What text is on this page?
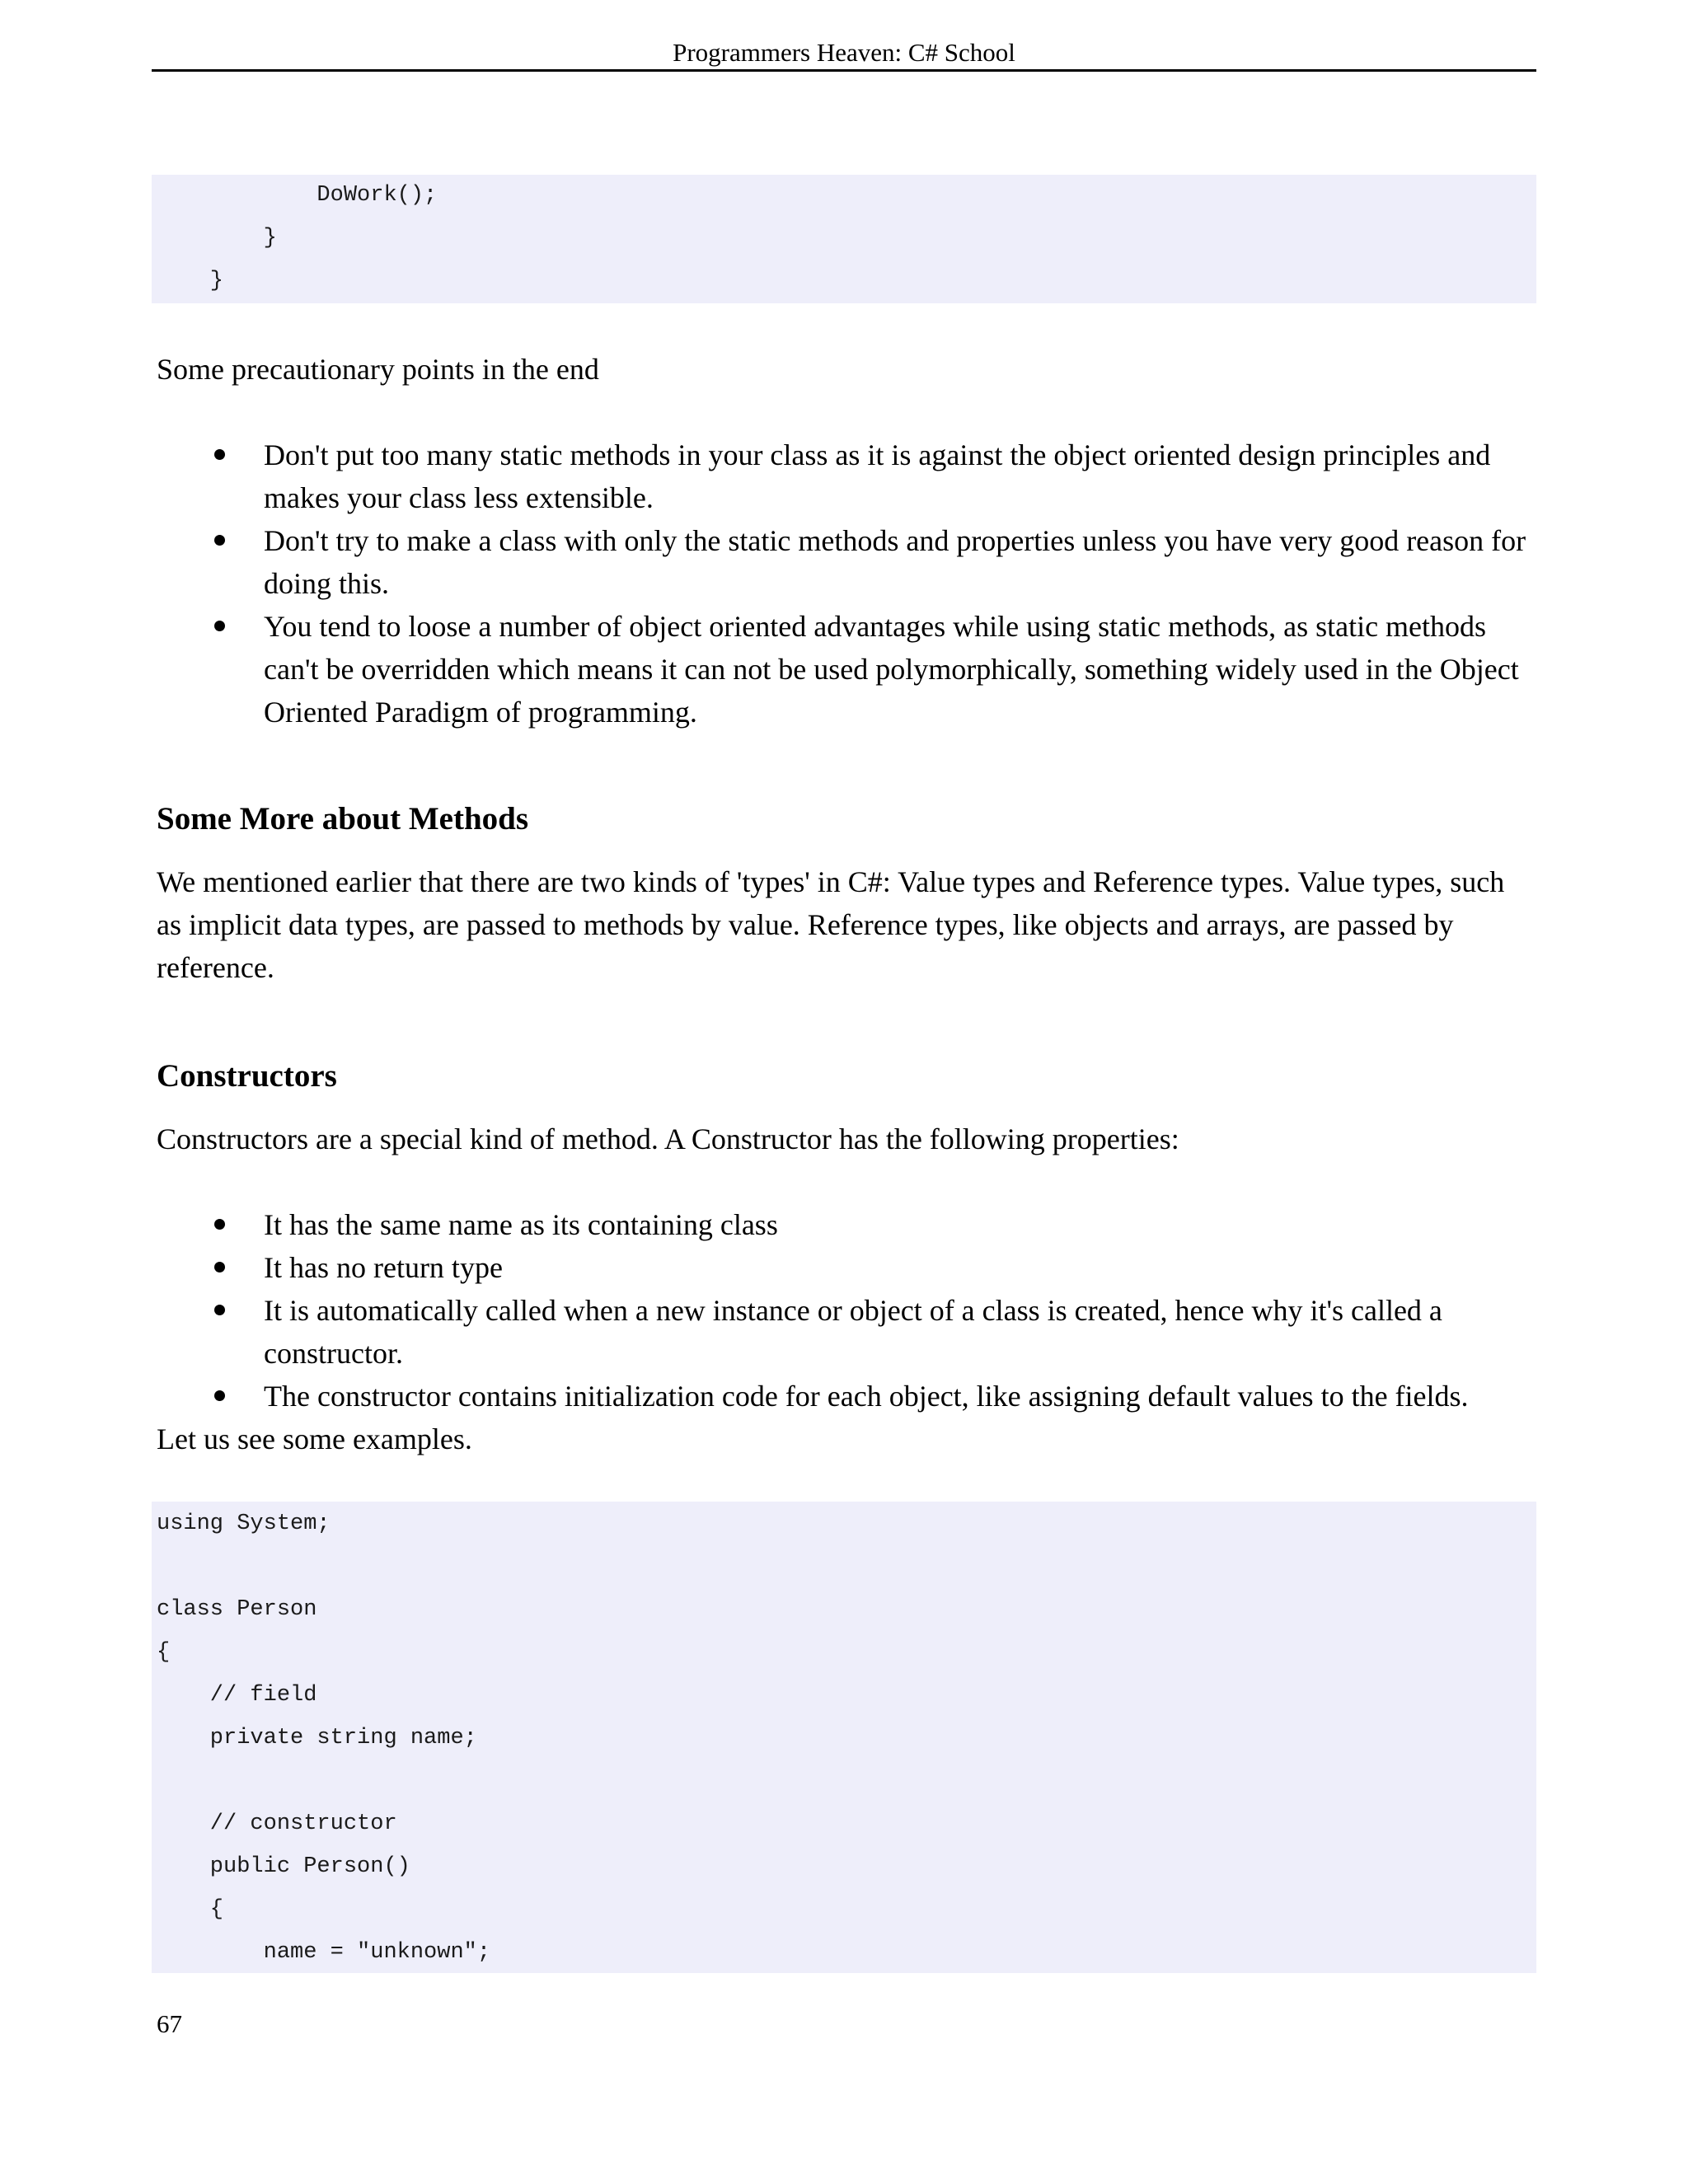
Programmers Heaven: C# School
DoWork();
}
}

Some precautionary points in the end

Don't put too many static methods in your class as it is against the object oriented design principles and makes your class less extensible.
Don't try to make a class with only the static methods and properties unless you have very good reason for doing this.
You tend to loose a number of object oriented advantages while using static methods, as static methods can't be overridden which means it can not be used polymorphically, something widely used in the Object Oriented Paradigm of programming.
Some More about Methods

We mentioned earlier that there are two kinds of 'types' in C#: Value types and Reference types. Value types, such as implicit data types, are passed to methods by value. Reference types, like objects and arrays, are passed by reference.

Constructors

Constructors are a special kind of method. A Constructor has the following properties:

It has the same name as its containing class
It has no return type
It is automatically called when a new instance or object of a class is created, hence why it's called a constructor.
The constructor contains initialization code for each object, like assigning default values to the fields.

Let us see some examples.

using System;
class Person
{
// field
private string name;
// constructor
public Person()
{
name = "unknown";
67
